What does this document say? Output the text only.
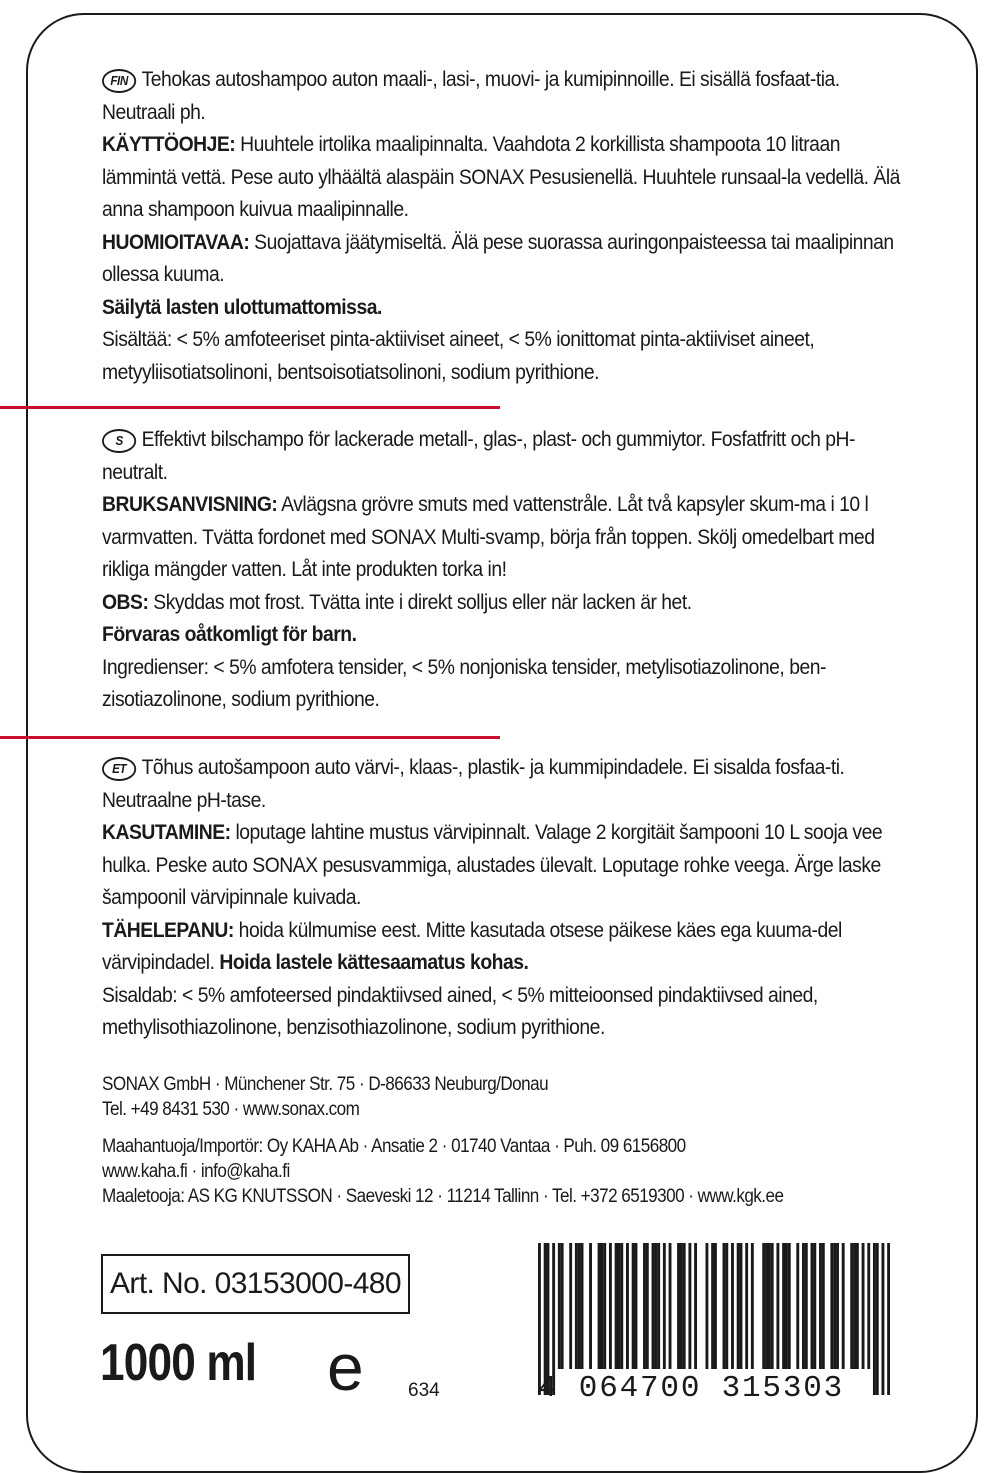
FIN Tehokas autoshampoo auton maali-, lasi-, muovi- ja kumipinnoille. Ei sisällä fosfaat-tia. Neutraali ph.

KÄYTTÖOHJE: Huuhtele irtolika maalipinnalta. Vaahdota 2 korkillista shampoota 10 litraan lämmintä vettä. Pese auto ylhäältä alaspäin SONAX Pesusienellä. Huuhtele runsaal-la vedellä. Älä anna shampoon kuivua maalipinnalle.

HUOMIOITAVAA: Suojattava jäätymiseltä. Älä pese suorassa auringonpaisteessa tai maalipinnan ollessa kuuma.

Säilytä lasten ulottumattomissa.

Sisältää: < 5% amfoteeriset pinta-aktiiviset aineet, < 5% ionittomat pinta-aktiiviset aineet, metyyliisotiatsolinoni, bentsoisotiatsolinoni, sodium pyrithione.

S Effektivt bilschampo för lackerade metall-, glas-, plast- och gummiytor. Fosfatfritt och pH-neutralt.

BRUKSANVISNING: Avlägsna grövre smuts med vattenstråle. Låt två kapsyler skum-ma i 10 l varmvatten. Tvätta fordonet med SONAX Multi-svamp, börja från toppen. Skölj omedelbart med rikliga mängder vatten. Låt inte produkten torka in!

OBS: Skyddas mot frost. Tvätta inte i direkt solljus eller när lacken är het.

Förvaras oåtkomligt för barn.

Ingredienser: < 5% amfotera tensider, < 5% nonjoniska tensider, metylisotiazolinone, ben-zisotiazolinone, sodium pyrithione.

ET Tõhus autošampoon auto värvi-, klaas-, plastik- ja kummipindadele. Ei sisalda fosfaa-ti. Neutraalne pH-tase.

KASUTAMINE: loputage lahtine mustus värvipinnalt. Valage 2 korgitäit šampooni 10 L sooja vee hulka. Peske auto SONAX pesusvammiga, alustades ülevalt. Loputage rohke veega. Ärge laske šampoonil värvipinnale kuivada.

TÄHELEPANU: hoida külmumise eest. Mitte kasutada otsese päikese käes ega kuuma-del värvipindadel. Hoida lastele kättesaamatus kohas.

Sisaldab: < 5% amfoteersed pindaktiivsed ained, < 5% mitteioonsed pindaktiivsed ained, methylisothiazolinone, benzisothiazolinone, sodium pyrithione.

SONAX GmbH · Münchener Str. 75 · D-86633 Neuburg/Donau
Tel. +49 8431 530 · www.sonax.com
Maahantuoja/Importör: Oy KAHA Ab · Ansatie 2 · 01740 Vantaa · Puh. 09 6156800
www.kaha.fi · info@kaha.fi
Maaletooja: AS KG KNUTSSON · Saeveski 12 · 11214 Tallinn · Tel. +372 6519300 · www.kgk.ee
Art. No. 03153000-480
1000 ml e 634	4 064700 315303
